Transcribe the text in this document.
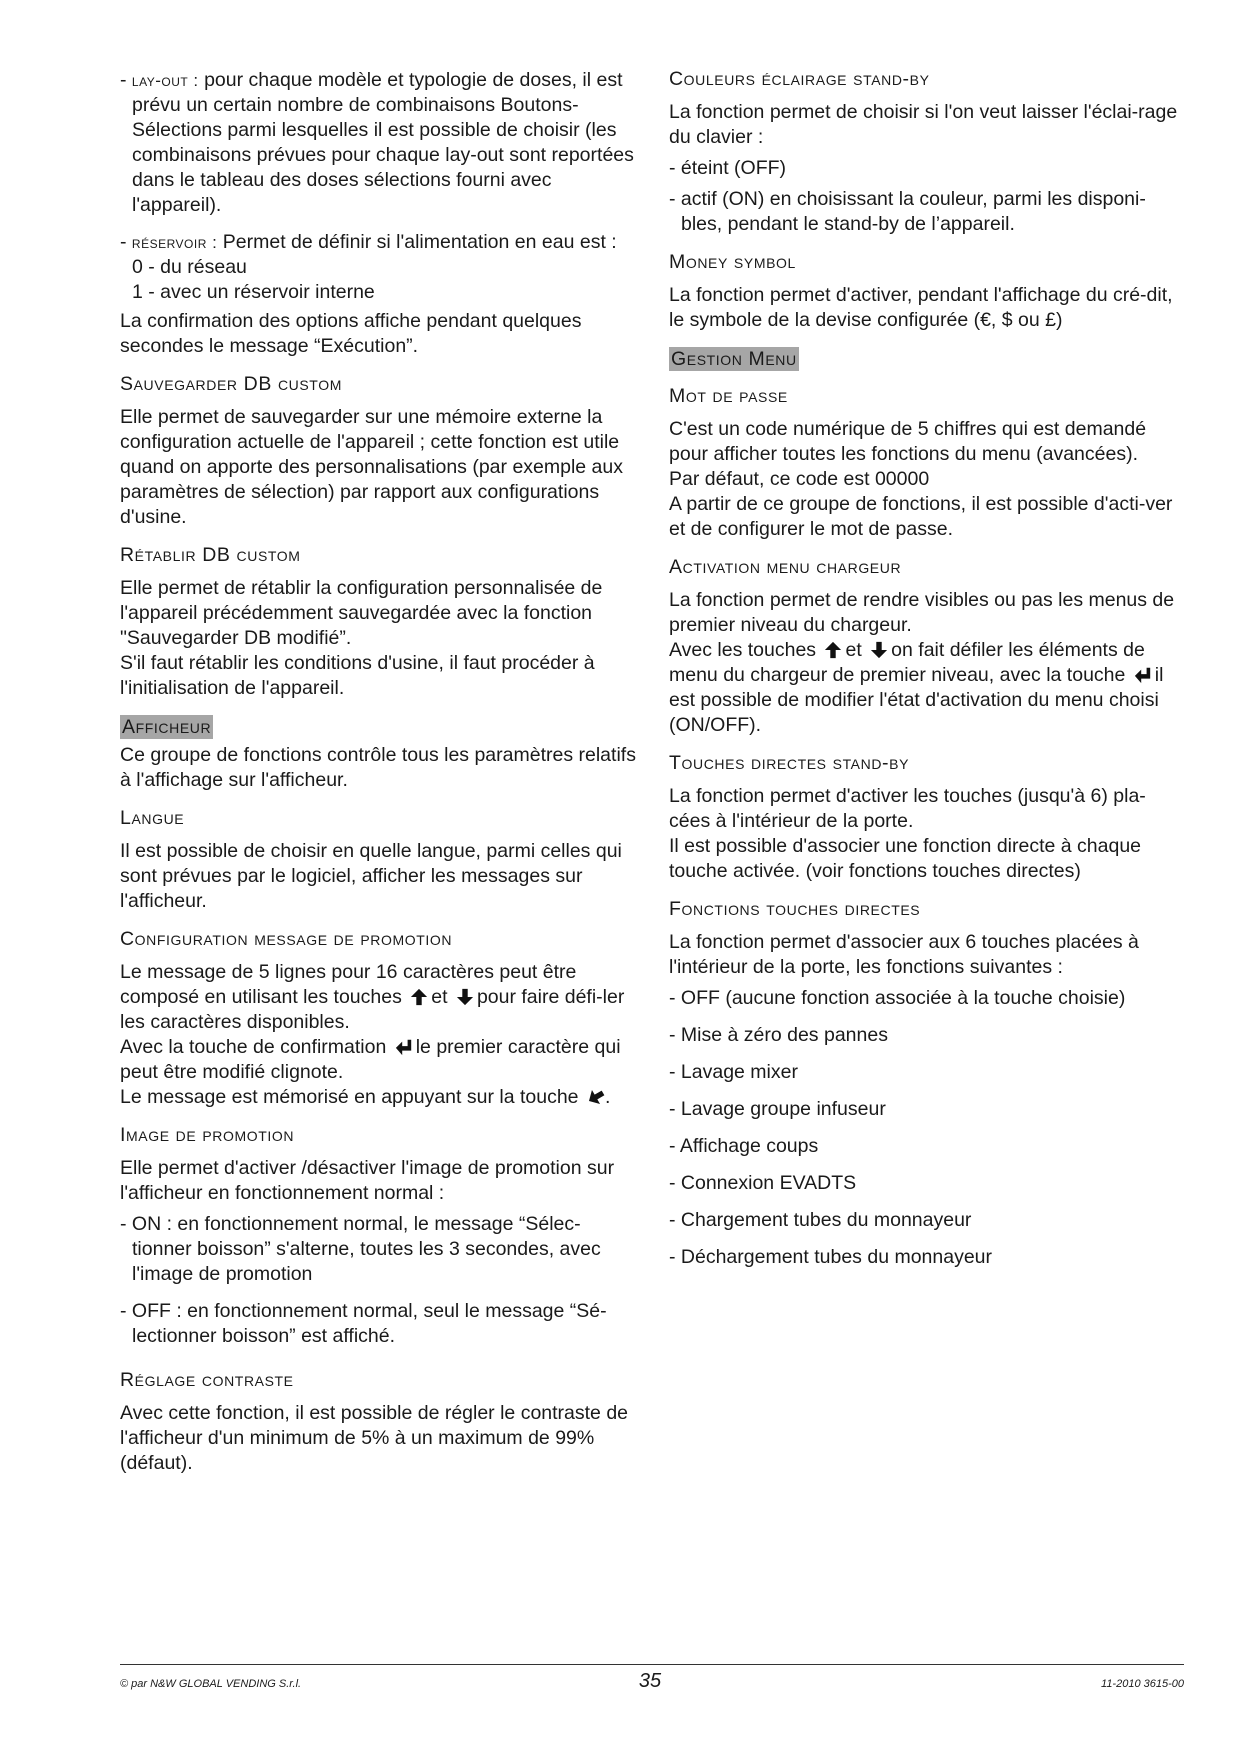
- lay-out : pour chaque modèle et typologie de doses, il est prévu un certain nombre de combinaisons Boutons-Sélections parmi lesquelles il est possible de choisir (les combinaisons prévues pour chaque lay-out sont reportées dans le tableau des doses sélections fourni avec l'appareil).

- réservoir : Permet de définir si l'alimentation en eau est :

0 - du réseau

1 - avec un réservoir interne

La confirmation des options affiche pendant quelques secondes le message “Exécution”.

Sauvegarder DB custom

Elle permet de sauvegarder sur une mémoire externe la configuration actuelle de l'appareil ; cette fonction est utile quand on apporte des personnalisations (par exemple aux paramètres de sélection) par rapport aux configurations d'usine.

Rétablir DB custom

Elle permet de rétablir la configuration personnalisée de l'appareil précédemment sauvegardée avec la fonction "Sauvegarder DB modifié”.

S'il faut rétablir les conditions d'usine, il faut procéder à l'initialisation de l'appareil.

Afficheur

Ce groupe de fonctions contrôle tous les paramètres relatifs à l'affichage sur l'afficheur.

Langue

Il est possible de choisir en quelle langue, parmi celles qui sont prévues par le logiciel, afficher les messages sur l'afficheur.

Configuration message de promotion

Le message de 5 lignes pour 16 caractères peut être composé en utilisant les touches et pour faire défi-ler les caractères disponibles.

Avec la touche de confirmation le premier caractère qui peut être modifié clignote.

Le message est mémorisé en appuyant sur la touche .

Image de promotion

Elle permet d'activer /désactiver l'image de promotion sur l'afficheur en fonctionnement normal :

- ON : en fonctionnement normal, le message “Sélec-tionner boisson” s'alterne, toutes les 3 secondes, avec l'image de promotion

- OFF : en fonctionnement normal, seul le message “Sé-lectionner boisson” est affiché.

Réglage contraste

Avec cette fonction, il est possible de régler le contraste de l'afficheur d'un minimum de 5% à un maximum de 99% (défaut).

Couleurs éclairage stand-by

La fonction permet de choisir si l'on veut laisser l'éclai-rage du clavier :

- éteint (OFF)

- actif (ON) en choisissant la couleur, parmi les disponi-bles, pendant le stand-by de l’appareil.

Money symbol

La fonction permet d'activer, pendant l'affichage du cré-dit, le symbole de la devise configurée (€, $ ou £)

Gestion Menu
Mot de passe

C'est un code numérique de 5 chiffres qui est demandé pour afficher toutes les fonctions du menu (avancées).

Par défaut, ce code est 00000

A partir de ce groupe de fonctions, il est possible d'acti-ver et de configurer le mot de passe.

Activation menu chargeur

La fonction permet de rendre visibles ou pas les menus de premier niveau du chargeur.

Avec les touches et on fait défiler les éléments de menu du chargeur de premier niveau, avec la touche il est possible de modifier l'état d'activation du menu choisi (ON/OFF).

Touches directes stand-by

La fonction permet d'activer les touches (jusqu'à 6) pla-cées à l'intérieur de la porte.

Il est possible d'associer une fonction directe à chaque touche activée. (voir fonctions touches directes)

Fonctions touches directes

La fonction permet d'associer aux 6 touches placées à l'intérieur de la porte, les fonctions suivantes :

- OFF (aucune fonction associée à la touche choisie)

- Mise à zéro des pannes

- Lavage mixer

- Lavage groupe infuseur

- Affichage coups

- Connexion EVADTS

- Chargement tubes du monnayeur

- Déchargement tubes du monnayeur

© par N&W GLOBAL VENDING S.r.l.	35	11-2010 3615-00
